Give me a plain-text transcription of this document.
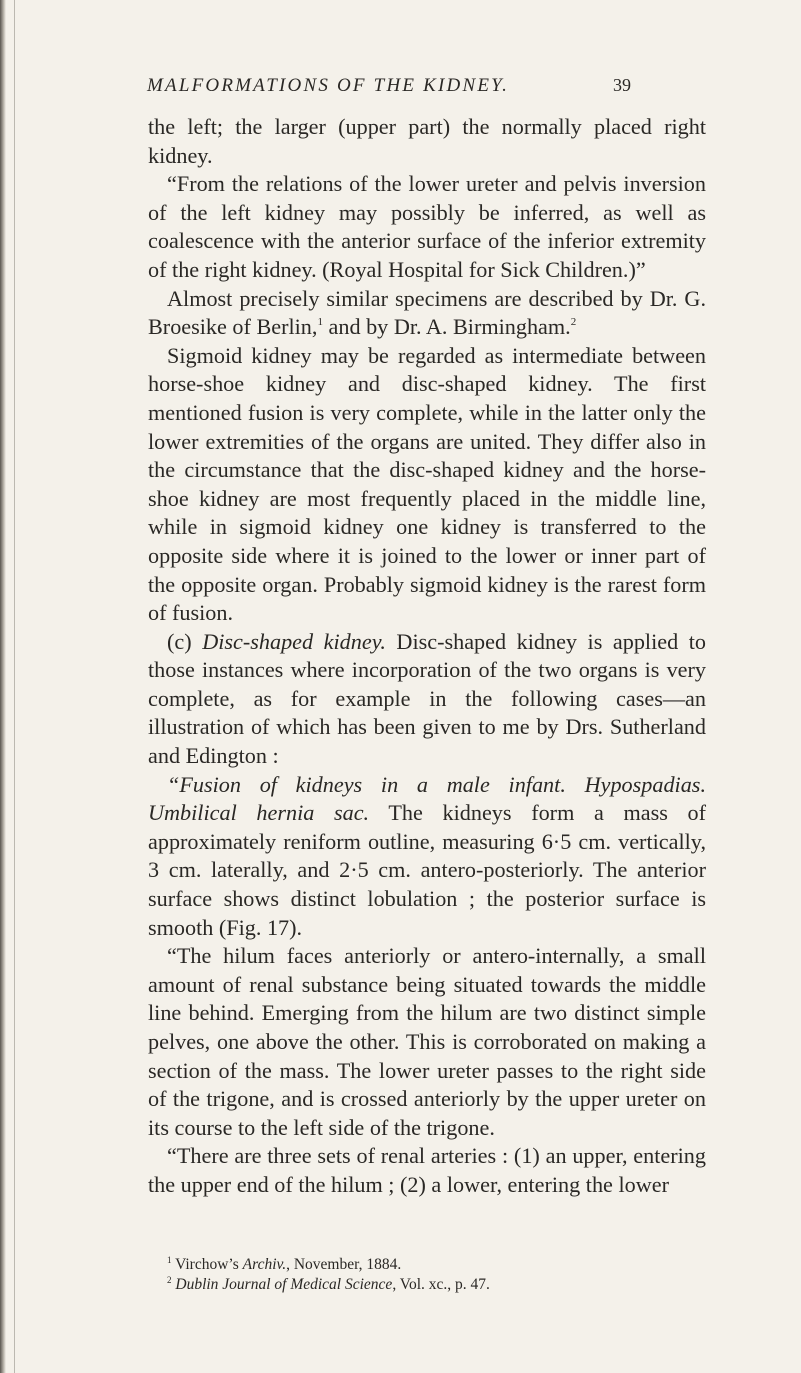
MALFORMATIONS OF THE KIDNEY.	39

the left; the larger (upper part) the normally placed right kidney.

“From the relations of the lower ureter and pelvis inversion of the left kidney may possibly be inferred, as well as coalescence with the anterior surface of the inferior extremity of the right kidney. (Royal Hospital for Sick Children.)”

Almost precisely similar specimens are described by Dr. G. Broesike of Berlin,$^1$ and by Dr. A. Birmingham.$^2$

Sigmoid kidney may be regarded as intermediate between horse-shoe kidney and disc-shaped kidney. The first mentioned fusion is very complete, while in the latter only the lower extremities of the organs are united. They differ also in the circumstance that the disc-shaped kidney and the horse-shoe kidney are most frequently placed in the middle line, while in sigmoid kidney one kidney is transferred to the opposite side where it is joined to the lower or inner part of the opposite organ. Probably sigmoid kidney is the rarest form of fusion.

(c) Disc-shaped kidney. Disc-shaped kidney is applied to those instances where incorporation of the two organs is very complete, as for example in the following cases—an illustration of which has been given to me by Drs. Sutherland and Edington :

“Fusion of kidneys in a male infant. Hypospadias. Umbilical hernia sac. The kidneys form a mass of approximately reniform outline, measuring 6·5 cm. vertically, 3 cm. laterally, and 2·5 cm. antero-posteriorly. The anterior surface shows distinct lobulation ; the posterior surface is smooth (Fig. 17).

“The hilum faces anteriorly or antero-internally, a small amount of renal substance being situated towards the middle line behind. Emerging from the hilum are two distinct simple pelves, one above the other. This is corroborated on making a section of the mass. The lower ureter passes to the right side of the trigone, and is crossed anteriorly by the upper ureter on its course to the left side of the trigone.

“There are three sets of renal arteries : (1) an upper, entering the upper end of the hilum ; (2) a lower, entering the lower

$^1$ Virchow’s Archiv., November, 1884.
$^2$ Dublin Journal of Medical Science, Vol. xc., p. 47.
